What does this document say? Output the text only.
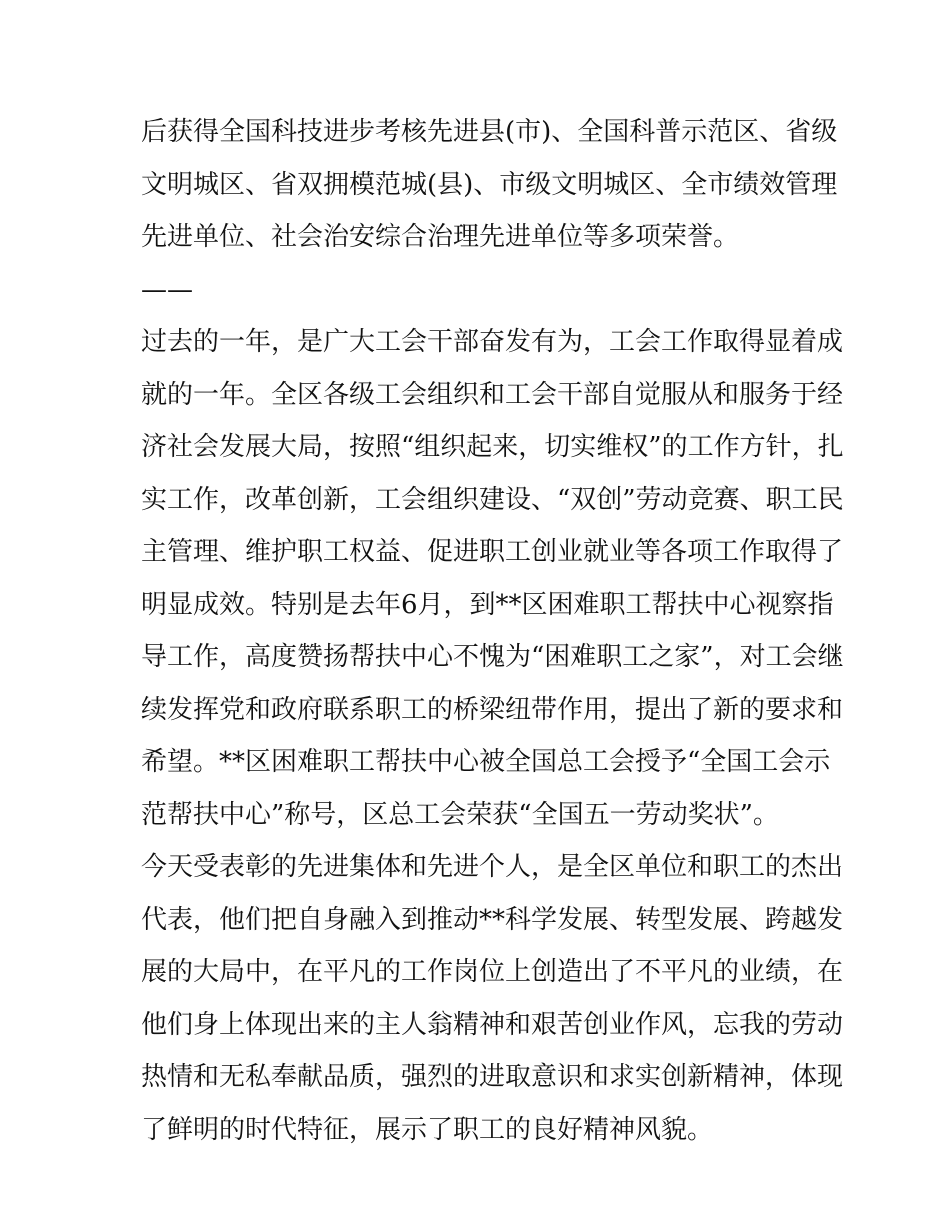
后获得全国科技进步考核先进县(市)、全国科普示范区、省级
文明城区、省双拥模范城(县)、市级文明城区、全市绩效管理
先进单位、社会治安综合治理先进单位等多项荣誉。
——
过去的一年，是广大工会干部奋发有为，工会工作取得显着成
就的一年。全区各级工会组织和工会干部自觉服从和服务于经
济社会发展大局，按照“组织起来，切实维权”的工作方针，扎
实工作，改革创新，工会组织建设、“双创”劳动竞赛、职工民
主管理、维护职工权益、促进职工创业就业等各项工作取得了
明显成效。特别是去年6月，到**区困难职工帮扶中心视察指
导工作，高度赞扬帮扶中心不愧为“困难职工之家”，对工会继
续发挥党和政府联系职工的桥梁纽带作用，提出了新的要求和
希望。**区困难职工帮扶中心被全国总工会授予“全国工会示
范帮扶中心”称号，区总工会荣获“全国五一劳动奖状”。
今天受表彰的先进集体和先进个人，是全区单位和职工的杰出
代表，他们把自身融入到推动**科学发展、转型发展、跨越发
展的大局中，在平凡的工作岗位上创造出了不平凡的业绩，在
他们身上体现出来的主人翁精神和艰苦创业作风，忘我的劳动
热情和无私奉献品质，强烈的进取意识和求实创新精神，体现
了鲜明的时代特征，展示了职工的良好精神风貌。
